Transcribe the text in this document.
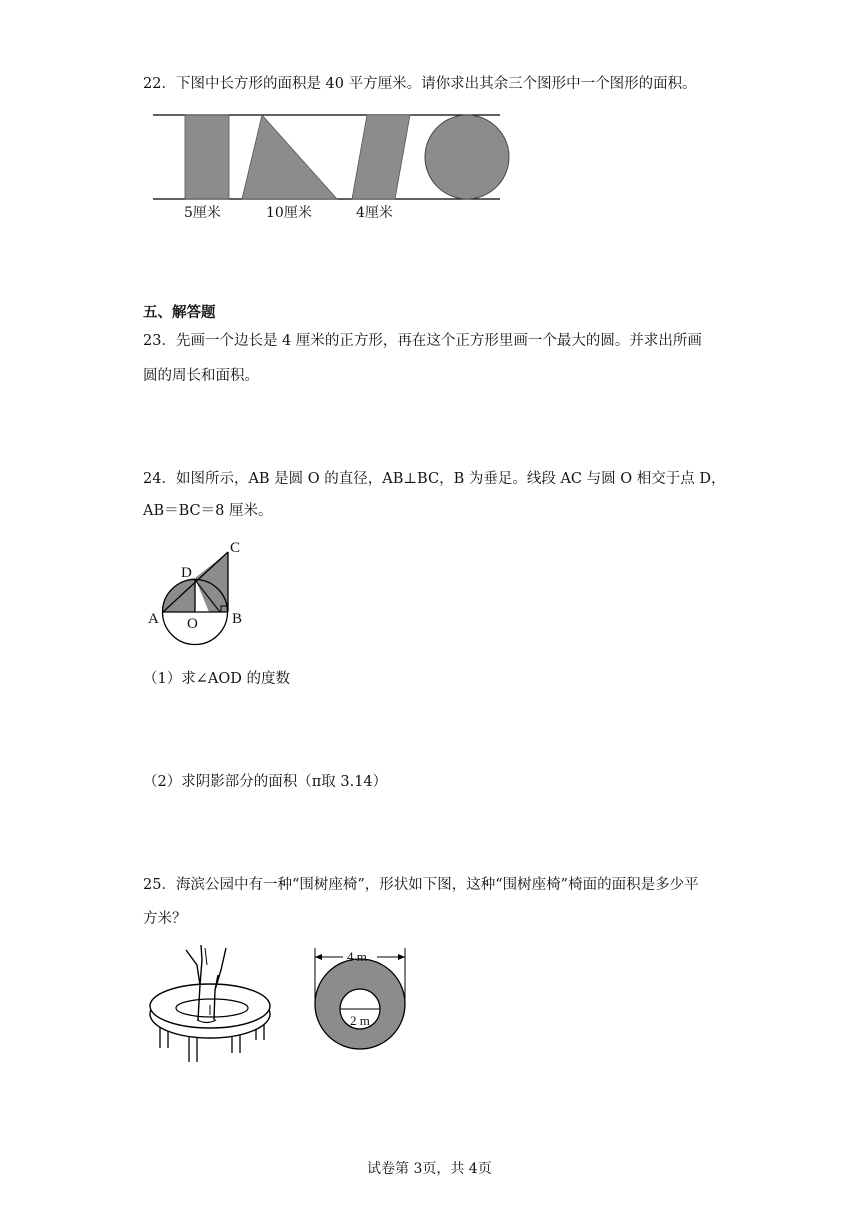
22．下图中长方形的面积是 40 平方厘米。请你求出其余三个图形中一个图形的面积。
5厘米	10厘米	4厘米
五、解答题
23．先画一个边长是 4 厘米的正方形，再在这个正方形里画一个最大的圆。并求出所画
圆的周长和面积。
24．如图所示，AB 是圆 O 的直径，AB⊥BC，B 为垂足。线段 AC 与圆 O 相交于点 D，
AB＝BC＝8 厘米。
C
D
A O B
（1）求∠AOD 的度数
（2）求阴影部分的面积（π取 3.14）
25．海滨公园中有一种“围树座椅”，形状如下图，这种“围树座椅”椅面的面积是多少平
方米？
4 m
2 m
试卷第 3页，共 4页
